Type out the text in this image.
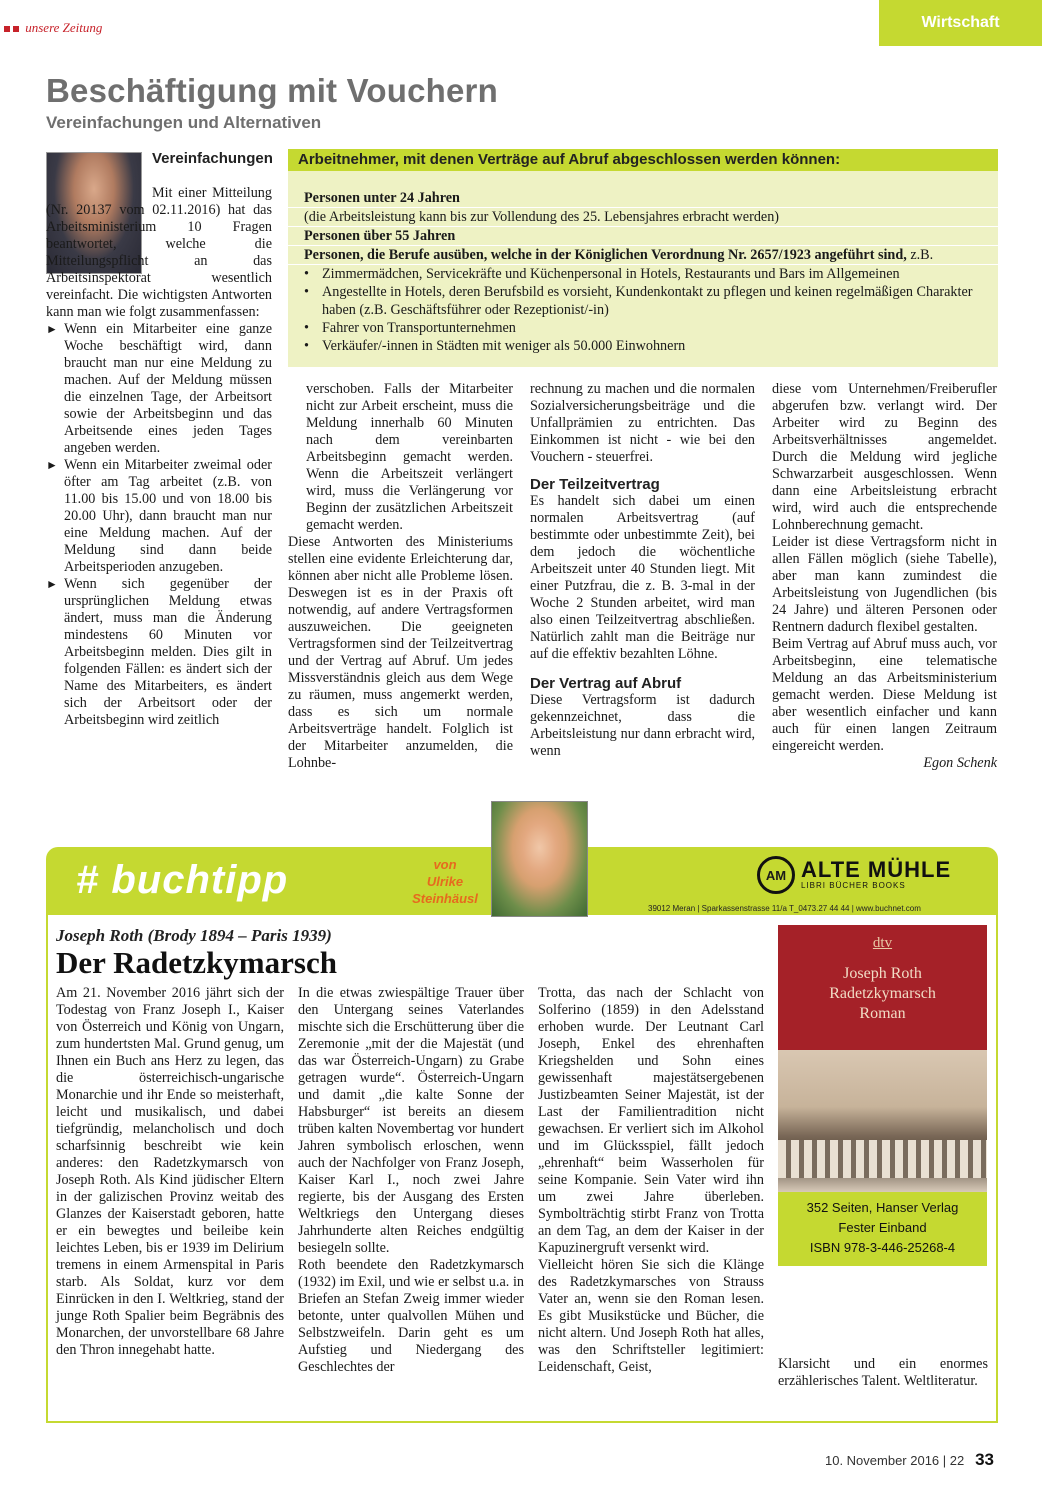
unsere Zeitung	Wirtschaft
Beschäftigung mit Vouchern
Vereinfachungen und Alternativen

Vereinfachungen

Mit einer Mitteilung (Nr. 20137 vom 02.11.2016) hat das Arbeitsministerium 10 Fragen beantwortet, welche die Mitteilungspflicht an das Arbeitsinspektorat wesentlich vereinfacht. Die wichtigsten Antworten kann man wie folgt zusammenfassen:

► Wenn ein Mitarbeiter eine ganze Woche beschäftigt wird, dann braucht man nur eine Meldung zu machen. Auf der Meldung müssen die einzelnen Tage, der Arbeitsort sowie der Arbeitsbeginn und das Arbeitsende eines jeden Tages angeben werden.

► Wenn ein Mitarbeiter zweimal oder öfter am Tag arbeitet (z.B. von 11.00 bis 15.00 und von 18.00 bis 20.00 Uhr), dann braucht man nur eine Meldung machen. Auf der Meldung sind dann beide Arbeitsperioden anzugeben.

► Wenn sich gegenüber der ursprünglichen Meldung etwas ändert, muss man die Änderung mindestens 60 Minuten vor Arbeitsbeginn melden. Dies gilt in folgenden Fällen: es ändert sich der Name des Mitarbeiters, es ändert sich der Arbeitsort oder der Arbeitsbeginn wird zeitlich

Arbeitnehmer, mit denen Verträge auf Abruf abgeschlossen werden können:
Personen unter 24 Jahren
(die Arbeitsleistung kann bis zur Vollendung des 25. Lebensjahres erbracht werden)
Personen über 55 Jahren
Personen, die Berufe ausüben, welche in der Königlichen Verordnung Nr. 2657/1923 angeführt sind, z.B.
• Zimmermädchen, Servicekräfte und Küchenpersonal in Hotels, Restaurants und Bars im Allgemeinen
• Angestellte in Hotels, deren Berufsbild es vorsieht, Kundenkontakt zu pflegen und keinen regelmäßigen Charakter haben (z.B. Geschäftsführer oder Rezeptionist/-in)
• Fahrer von Transportunternehmen
• Verkäufer/-innen in Städten mit weniger als 50.000 Einwohnern

verschoben. Falls der Mitarbeiter nicht zur Arbeit erscheint, muss die Meldung innerhalb 60 Minuten nach dem vereinbarten Arbeitsbeginn gemacht werden. Wenn die Arbeitszeit verlängert wird, muss die Verlängerung vor Beginn der zusätzlichen Arbeitszeit gemacht werden.

Diese Antworten des Ministeriums stellen eine evidente Erleichterung dar, können aber nicht alle Probleme lösen. Deswegen ist es in der Praxis oft notwendig, auf andere Vertragsformen auszuweichen. Die geeigneten Vertragsformen sind der Teilzeitvertrag und der Vertrag auf Abruf. Um jedes Missverständnis gleich aus dem Wege zu räumen, muss angemerkt werden, dass es sich um normale Arbeitsverträge handelt. Folglich ist der Mitarbeiter anzumelden, die Lohnbe-

rechnung zu machen und die normalen Sozialversicherungsbeiträge und die Unfallprämien zu entrichten. Das Einkommen ist nicht - wie bei den Vouchern - steuerfrei.

Der Teilzeitvertrag

Es handelt sich dabei um einen normalen Arbeitsvertrag (auf bestimmte oder unbestimmte Zeit), bei dem jedoch die wöchentliche Arbeitszeit unter 40 Stunden liegt. Mit einer Putzfrau, die z. B. 3-mal in der Woche 2 Stunden arbeitet, wird man also einen Teilzeitvertrag abschließen. Natürlich zahlt man die Beiträge nur auf die effektiv bezahlten Löhne.

Der Vertrag auf Abruf

Diese Vertragsform ist dadurch gekennzeichnet, dass die Arbeitsleistung nur dann erbracht wird, wenn

diese vom Unternehmen/Freiberufler abgerufen bzw. verlangt wird. Der Arbeiter wird zu Beginn des Arbeitsverhältnisses angemeldet. Durch die Meldung wird jegliche Schwarzarbeit ausgeschlossen. Wenn dann eine Arbeitsleistung erbracht wird, wird auch die entsprechende Lohnberechnung gemacht.

Leider ist diese Vertragsform nicht in allen Fällen möglich (siehe Tabelle), aber man kann zumindest die Arbeitsleistung von Jugendlichen (bis 24 Jahre) und älteren Personen oder Rentnern dadurch flexibel gestalten.

Beim Vertrag auf Abruf muss auch, vor Arbeitsbeginn, eine telematische Meldung an das Arbeitsministerium gemacht werden. Diese Meldung ist aber wesentlich einfacher und kann auch für einen langen Zeitraum eingereicht werden.

Egon Schenk

# buchtipp	von
Ulrike
Steinhäusl
AM ALTE MÜHLE
LIBRI BÜCHER BOOKS
39012 Meran | Sparkassenstrasse 11/a T_0473.27 44 44 | www.buchnet.com
Joseph Roth (Brody 1894 – Paris 1939)
Der Radetzkymarsch

Am 21. November 2016 jährt sich der Todestag von Franz Joseph I., Kaiser von Österreich und König von Ungarn, zum hundertsten Mal. Grund genug, um Ihnen ein Buch ans Herz zu legen, das die österreichisch-ungarische Monarchie und ihr Ende so meisterhaft, leicht und musikalisch, und dabei tiefgründig, melancholisch und doch scharfsinnig beschreibt wie kein anderes: den Radetzkymarsch von Joseph Roth. Als Kind jüdischer Eltern in der galizischen Provinz weitab des Glanzes der Kaiserstadt geboren, hatte er ein bewegtes und beileibe kein leichtes Leben, bis er 1939 im Delirium tremens in einem Armenspital in Paris starb. Als Soldat, kurz vor dem Einrücken in den I. Weltkrieg, stand der junge Roth Spalier beim Begräbnis des Monarchen, der unvorstellbare 68 Jahre den Thron innegehabt hatte.

In die etwas zwiespältige Trauer über den Untergang seines Vaterlandes mischte sich die Erschütterung über die Zeremonie „mit der die Majestät (und das war Österreich-Ungarn) zu Grabe getragen wurde“. Österreich-Ungarn und damit „die kalte Sonne der Habsburger“ ist bereits an diesem trüben kalten Novembertag vor hundert Jahren symbolisch erloschen, wenn auch der Nachfolger von Franz Joseph, Kaiser Karl I., noch zwei Jahre regierte, bis der Ausgang des Ersten Weltkriegs den Untergang dieses Jahrhunderte alten Reiches endgültig besiegeln sollte.

Roth beendete den Radetzkymarsch (1932) im Exil, und wie er selbst u.a. in Briefen an Stefan Zweig immer wieder betonte, unter qualvollen Mühen und Selbstzweifeln. Darin geht es um Aufstieg und Niedergang des Geschlechtes der

Trotta, das nach der Schlacht von Solferino (1859) in den Adelsstand erhoben wurde. Der Leutnant Carl Joseph, Enkel des ehrenhaften Kriegshelden und Sohn eines gewissenhaft majestätsergebenen Justizbeamten Seiner Majestät, ist der Last der Familientradition nicht gewachsen. Er verliert sich im Alkohol und im Glücksspiel, fällt jedoch „ehrenhaft“ beim Wasserholen für seine Kompanie. Sein Vater wird ihn um zwei Jahre überleben. Symbolträchtig stirbt Franz von Trotta an dem Tag, an dem der Kaiser in der Kapuzinergruft versenkt wird.

Vielleicht hören Sie sich die Klänge des Radetzkymarsches von Strauss Vater an, wenn sie den Roman lesen. Es gibt Musikstücke und Bücher, die nicht altern. Und Joseph Roth hat alles, was den Schriftsteller legitimiert: Leidenschaft, Geist,

dtv
Joseph Roth
Radetzkymarsch
Roman
352 Seiten, Hanser Verlag
Fester Einband
ISBN 978-3-446-25268-4

Klarsicht und ein enormes erzählerisches Talent. Weltliteratur.

10. November 2016 | 22 33
